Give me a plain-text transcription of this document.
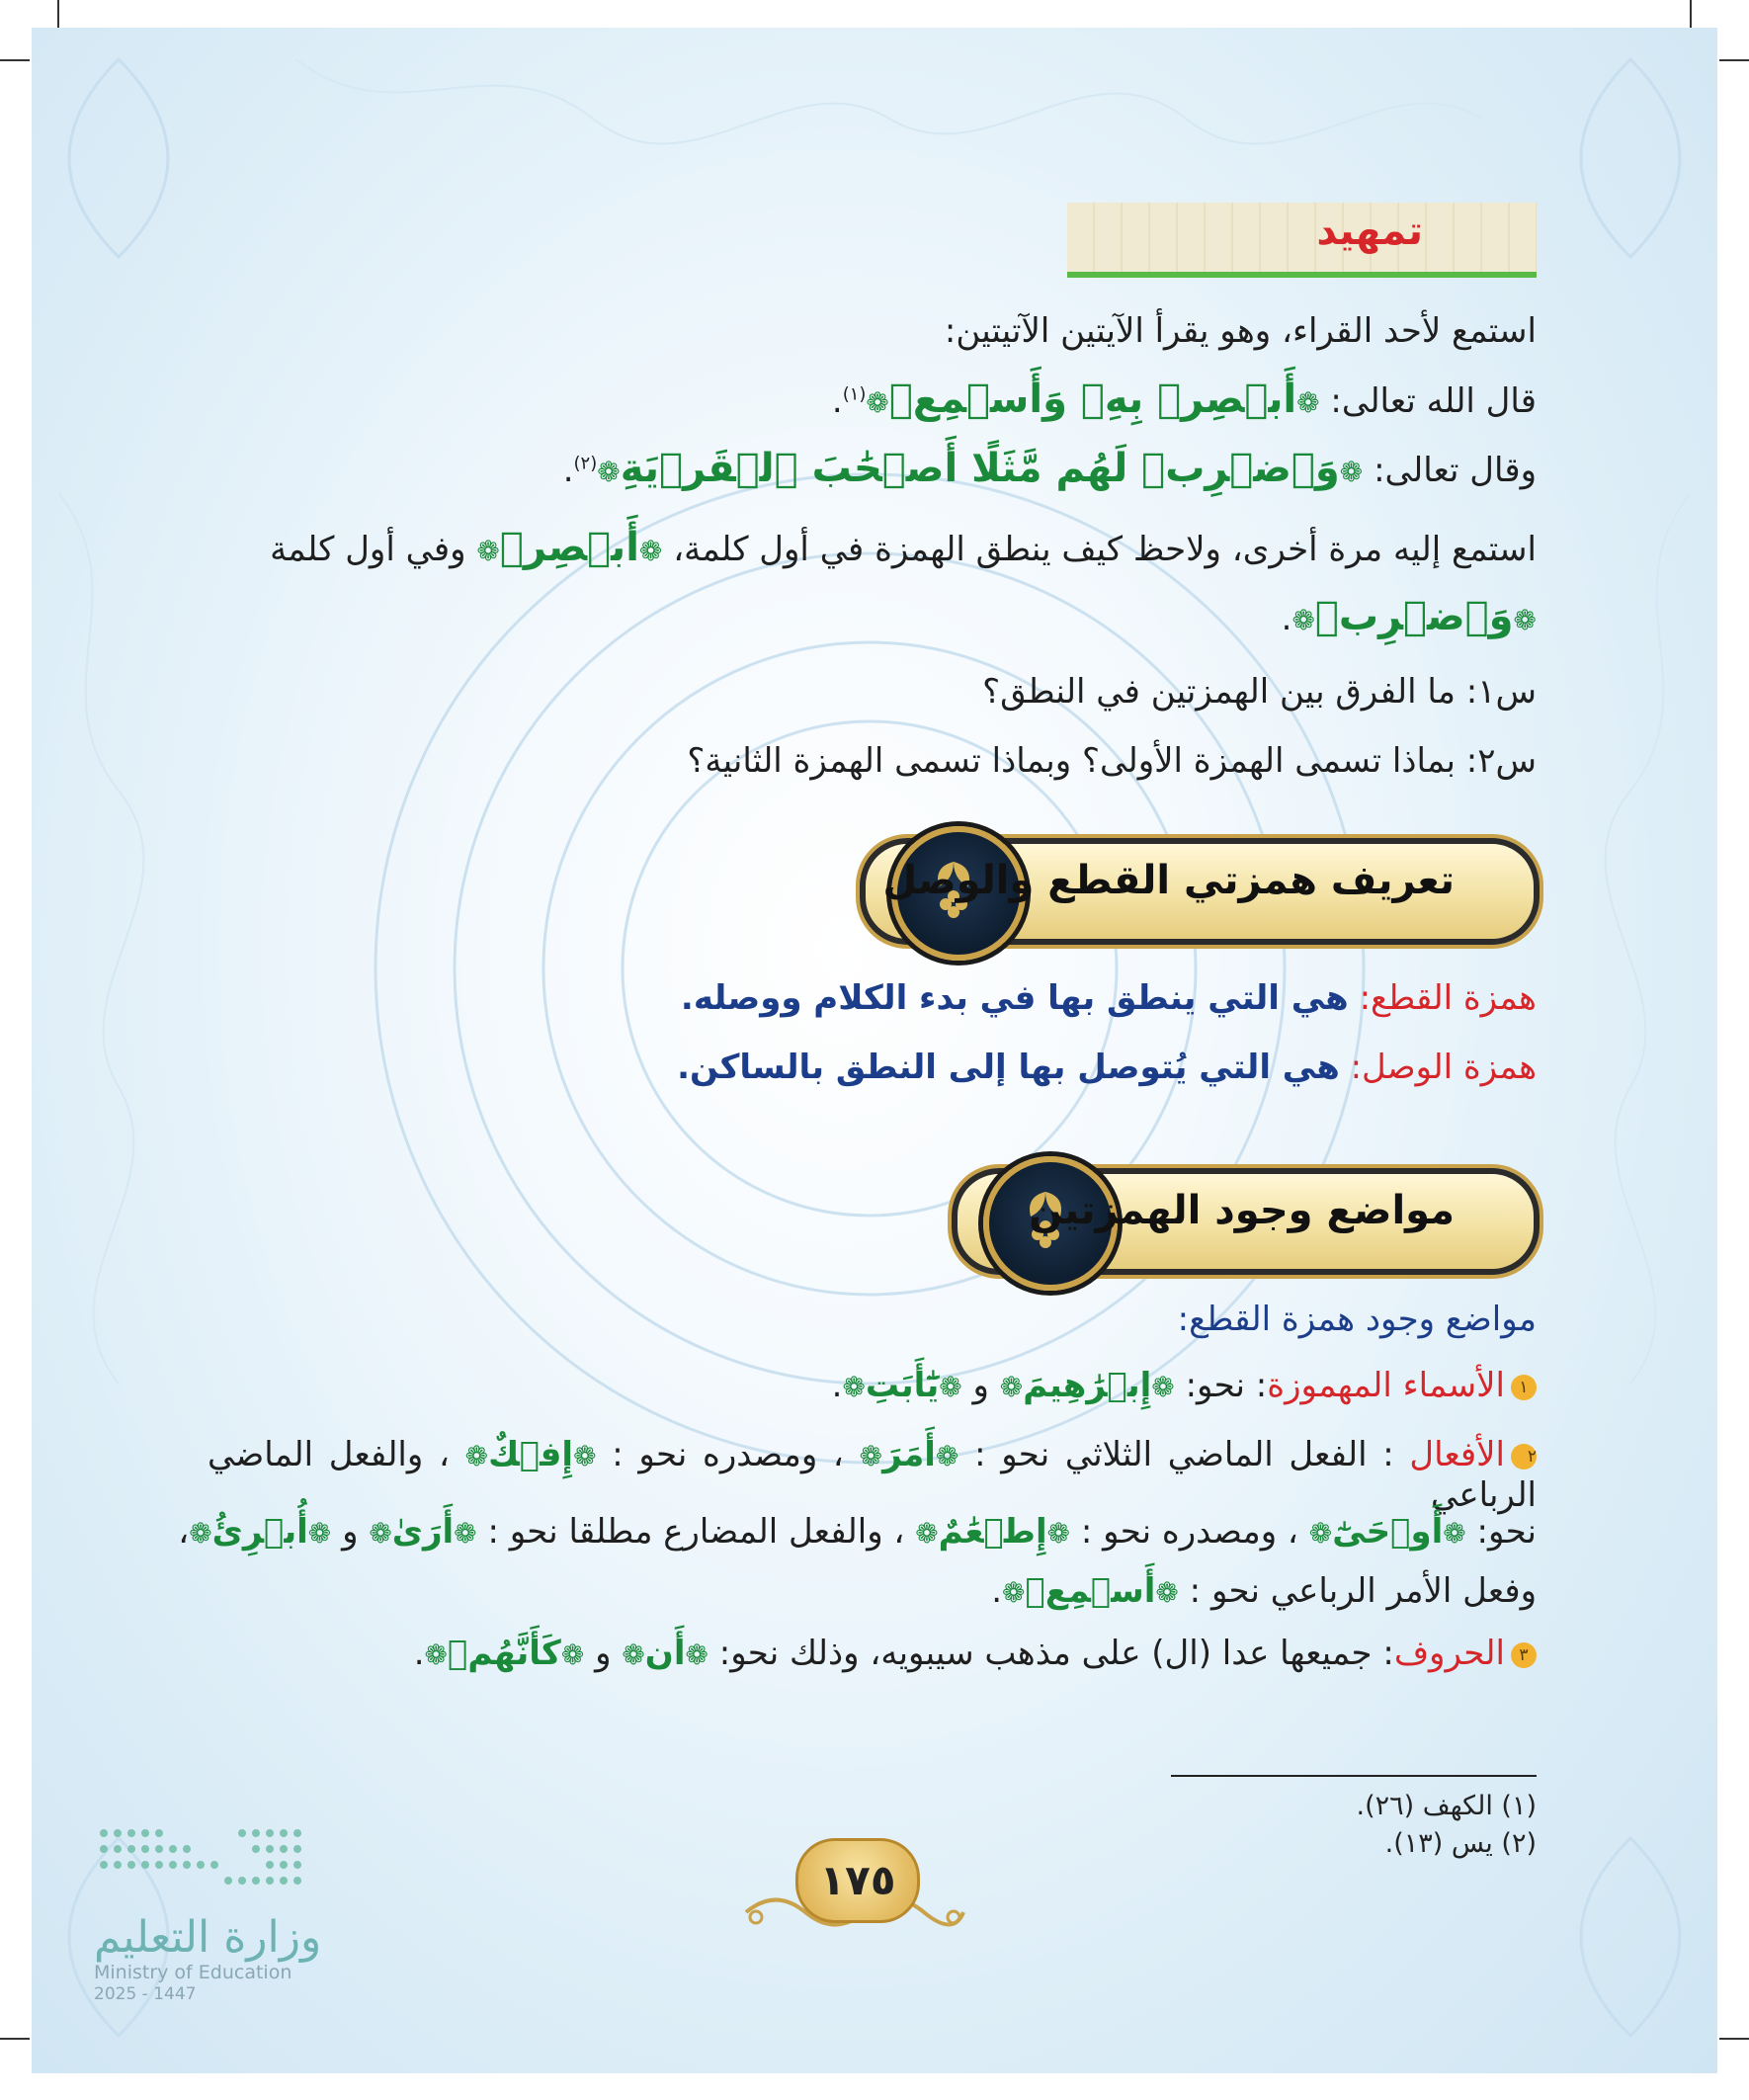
تمهيد
استمع لأحد القراء، وهو يقرأ الآيتين الآتيتين:
قال الله تعالى: ❁أَبۡصِرۡ بِهِۦ وَأَسۡمِعۡ❁$^{(١)}$.
وقال تعالى: ❁وَٱضۡرِبۡ لَهُم مَّثَلًا أَصۡحَٰبَ ٱلۡقَرۡيَةِ❁$^{(٢)}$.
استمع إليه مرة أخرى، ولاحظ كيف ينطق الهمزة في أول كلمة، ❁أَبۡصِرۡ❁ وفي أول كلمة
❁وَٱضۡرِبۡ❁.
س١: ما الفرق بين الهمزتين في النطق؟
س٢: بماذا تسمى الهمزة الأولى؟ وبماذا تسمى الهمزة الثانية؟
همزة القطع: هي التي ينطق بها في بدء الكلام ووصله.
همزة الوصل: هي التي يُتوصل بها إلى النطق بالساكن.
مواضع وجود همزة القطع:
١الأسماء المهموزة: نحو: ❁إِبۡرَٰهِيمَ❁ و ❁يَٰٓأَبَتِ❁.
٢الأفعال : الفعل الماضي الثلاثي نحو : ❁أَمَرَ❁ ، ومصدره نحو : ❁إِفۡكٌ❁ ، والفعل الماضي الرباعي
نحو: ❁أَوۡحَىٰٓ❁ ، ومصدره نحو : ❁إِطۡعَٰمٌ❁ ، والفعل المضارع مطلقا نحو : ❁أَرَىٰ❁ و ❁أُبۡرِئُ❁،
وفعل الأمر الرباعي نحو : ❁أَسۡمِعۡ❁.
٣الحروف: جميعها عدا (ال) على مذهب سيبويه، وذلك نحو: ❁أَن❁ و ❁كَأَنَّهُمۡ❁.
تعريف همزتي القطع والوصل
مواضع وجود الهمزتين
(١) الكهف (٢٦).
(٢) يس (١٣).
١٧٥
وزارة التعليم
Ministry of Education
2025 - 1447
